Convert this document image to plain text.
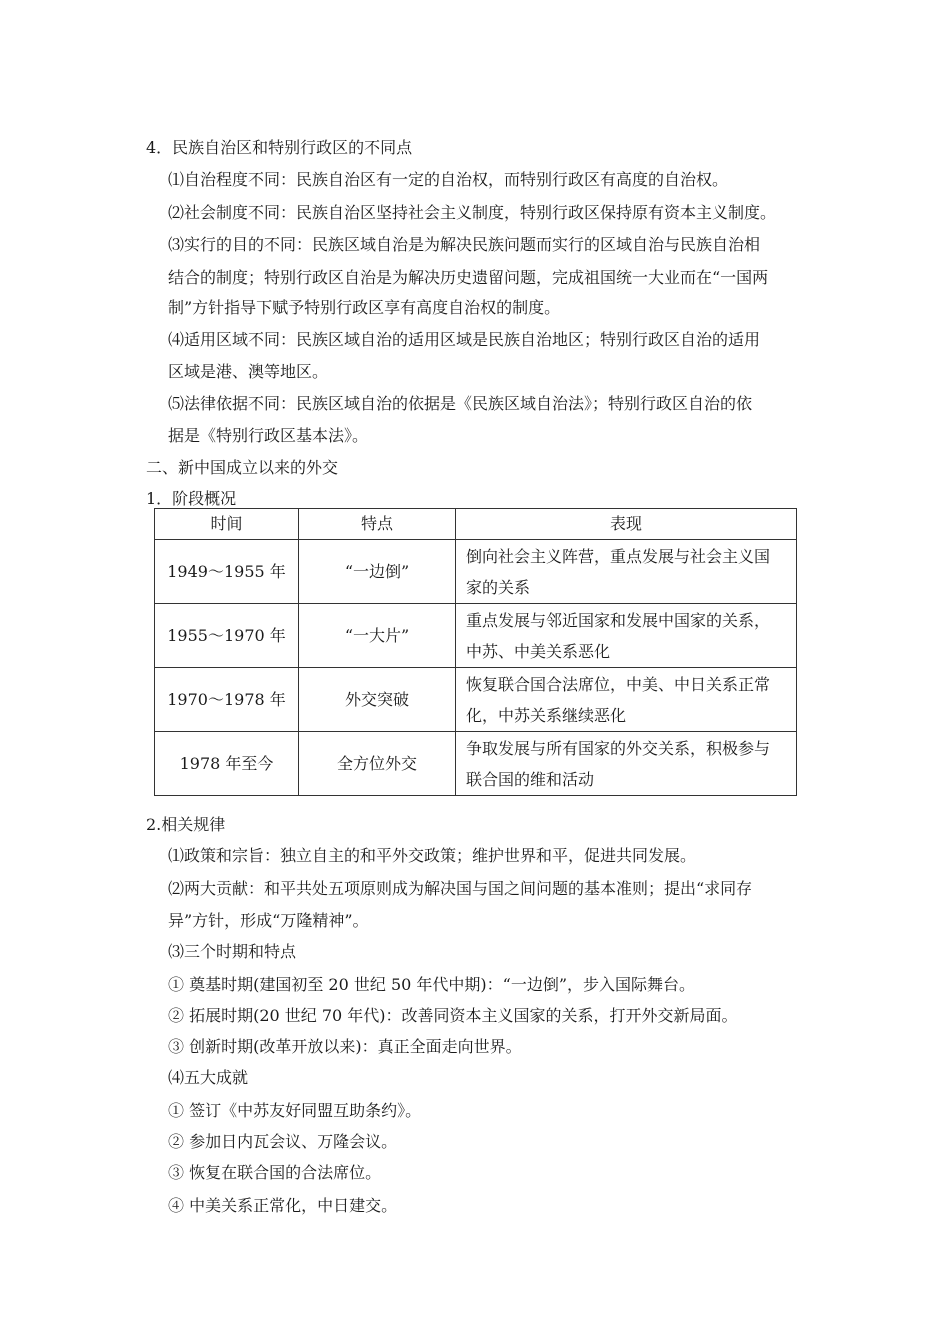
4．民族自治区和特别行政区的不同点
⑴自治程度不同：民族自治区有一定的自治权，而特别行政区有高度的自治权。
⑵社会制度不同：民族自治区坚持社会主义制度，特别行政区保持原有资本主义制度。
⑶实行的目的不同：民族区域自治是为解决民族问题而实行的区域自治与民族自治相
结合的制度；特别行政区自治是为解决历史遗留问题，完成祖国统一大业而在“一国两
制”方针指导下赋予特别行政区享有高度自治权的制度。
⑷适用区域不同：民族区域自治的适用区域是民族自治地区；特别行政区自治的适用
区域是港、澳等地区。
⑸法律依据不同：民族区域自治的依据是《民族区域自治法》；特别行政区自治的依
据是《特别行政区基本法》。
二、新中国成立以来的外交
1．阶段概况
时间	特点	表现
1949～1955 年	“一边倒”	倒向社会主义阵营，重点发展与社会主义国
家的关系
1955～1970 年	“一大片”	重点发展与邻近国家和发展中国家的关系，
中苏、中美关系恶化
1970～1978 年	外交突破	恢复联合国合法席位，中美、中日关系正常
化，中苏关系继续恶化
1978 年至今	全方位外交	争取发展与所有国家的外交关系，积极参与
联合国的维和活动
2.相关规律
⑴政策和宗旨：独立自主的和平外交政策；维护世界和平，促进共同发展。
⑵两大贡献：和平共处五项原则成为解决国与国之间问题的基本准则；提出“求同存
异”方针，形成“万隆精神”。
⑶三个时期和特点
① 奠基时期(建国初至 20 世纪 50 年代中期)：“一边倒”，步入国际舞台。
② 拓展时期(20 世纪 70 年代)：改善同资本主义国家的关系，打开外交新局面。
③ 创新时期(改革开放以来)：真正全面走向世界。
⑷五大成就
① 签订《中苏友好同盟互助条约》。
② 参加日内瓦会议、万隆会议。
③ 恢复在联合国的合法席位。
④ 中美关系正常化，中日建交。
